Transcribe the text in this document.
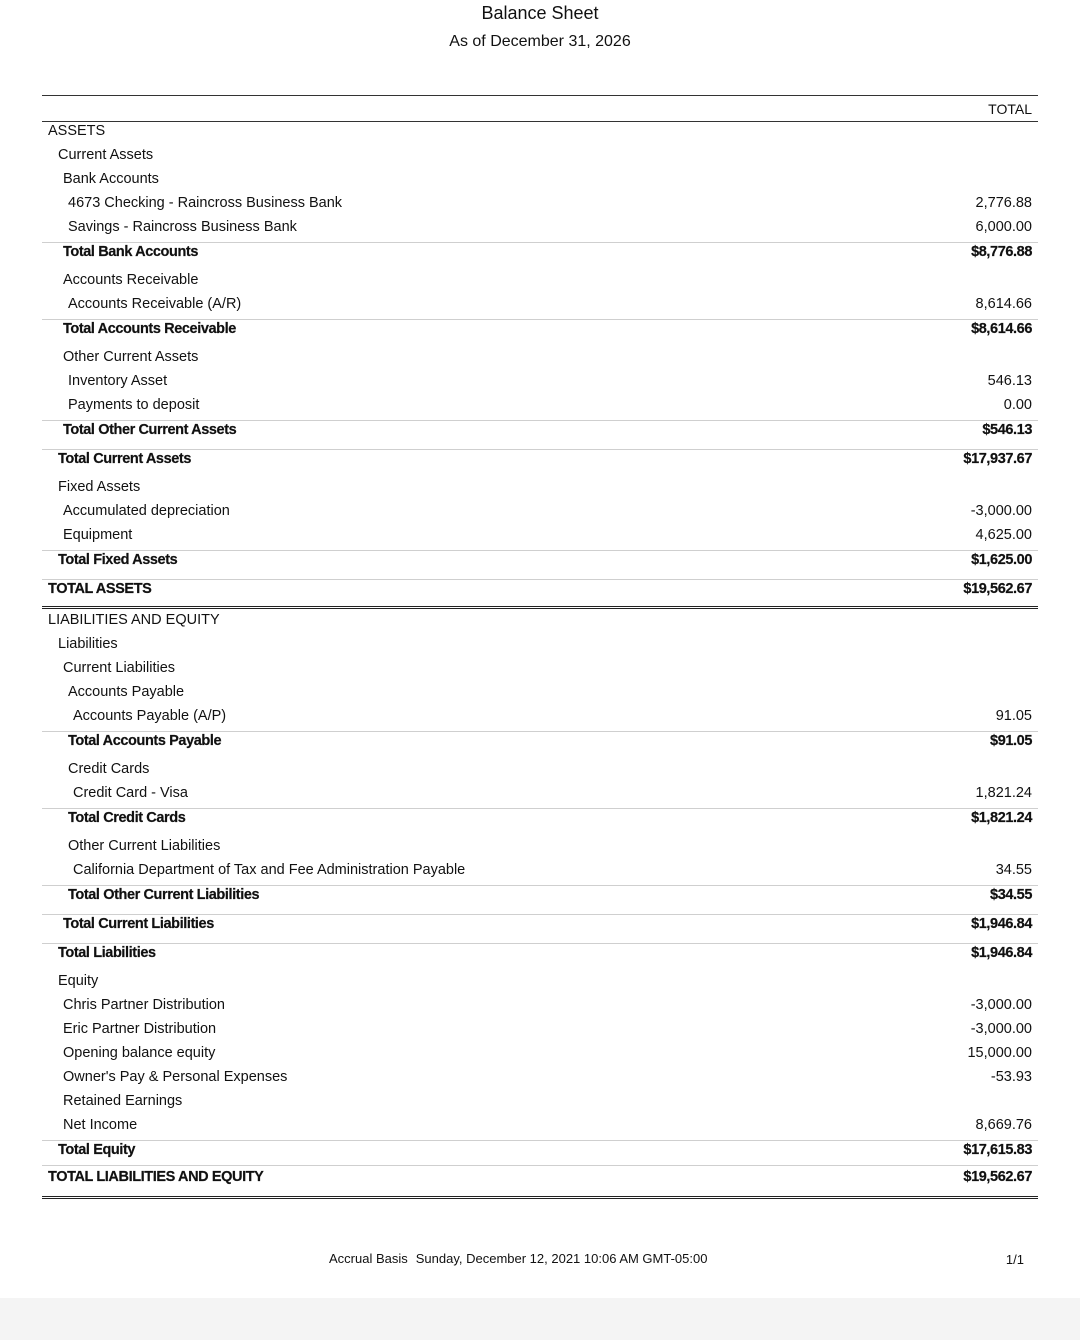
Balance Sheet
As of December 31, 2026
TOTAL
ASSETS
Current Assets
Bank Accounts
4673 Checking - Raincross Business Bank	2,776.88
Savings - Raincross Business Bank	6,000.00
Total Bank Accounts	$8,776.88
Accounts Receivable
Accounts Receivable (A/R)	8,614.66
Total Accounts Receivable	$8,614.66
Other Current Assets
Inventory Asset	546.13
Payments to deposit	0.00
Total Other Current Assets	$546.13
Total Current Assets	$17,937.67
Fixed Assets
Accumulated depreciation	-3,000.00
Equipment	4,625.00
Total Fixed Assets	$1,625.00
TOTAL ASSETS	$19,562.67
LIABILITIES AND EQUITY
Liabilities
Current Liabilities
Accounts Payable
Accounts Payable (A/P)	91.05
Total Accounts Payable	$91.05
Credit Cards
Credit Card - Visa	1,821.24
Total Credit Cards	$1,821.24
Other Current Liabilities
California Department of Tax and Fee Administration Payable	34.55
Total Other Current Liabilities	$34.55
Total Current Liabilities	$1,946.84
Total Liabilities	$1,946.84
Equity
Chris Partner Distribution	-3,000.00
Eric Partner Distribution	-3,000.00
Opening balance equity	15,000.00
Owner's Pay & Personal Expenses	-53.93
Retained Earnings
Net Income	8,669.76
Total Equity	$17,615.83
TOTAL LIABILITIES AND EQUITY	$19,562.67
Accrual Basis Sunday, December 12, 2021 10:06 AM GMT-05:00	1/1
